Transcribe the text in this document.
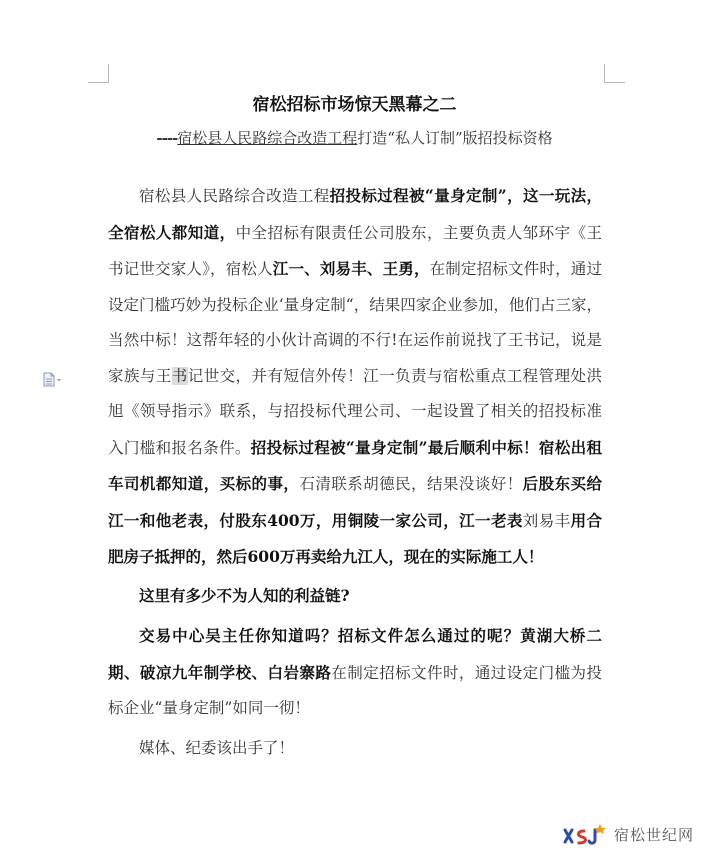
宿松招标市场惊天黑幕之二
----宿松县人民路综合改造工程打造“私人订制”版招投标资格

宿松县人民路综合改造工程招投标过程被“量身定制”，这一玩法，全宿松人都知道，中全招标有限责任公司股东，主要负责人邹环宇《王书记世交家人》，宿松人江一、刘易丰、王勇，在制定招标文件时，通过设定门槛巧妙为投标企业‘量身定制“，结果四家企业参加，他们占三家，当然中标！这帮年轻的小伙计高调的不行!在运作前说找了王书记，说是家族与王书记世交，并有短信外传！江一负责与宿松重点工程管理处洪旭《领导指示》联系，与招投标代理公司、一起设置了相关的招投标准入门槛和报名条件。招投标过程被“量身定制”最后顺利中标！宿松出租车司机都知道，买标的事，石清联系胡德民，结果没谈好！后股东买给江一和他老表，付股东400万，用铜陵一家公司，江一老表刘易丰用合肥房子抵押的，然后600万再卖给九江人，现在的实际施工人！

这里有多少不为人知的利益链?

交易中心吴主任你知道吗？招标文件怎么通过的呢？黄湖大桥二期、破凉九年制学校、白岩寨路在制定招标文件时，通过设定门槛为投标企业“量身定制”如同一彻！

媒体、纪委该出手了！

宿松世纪网
